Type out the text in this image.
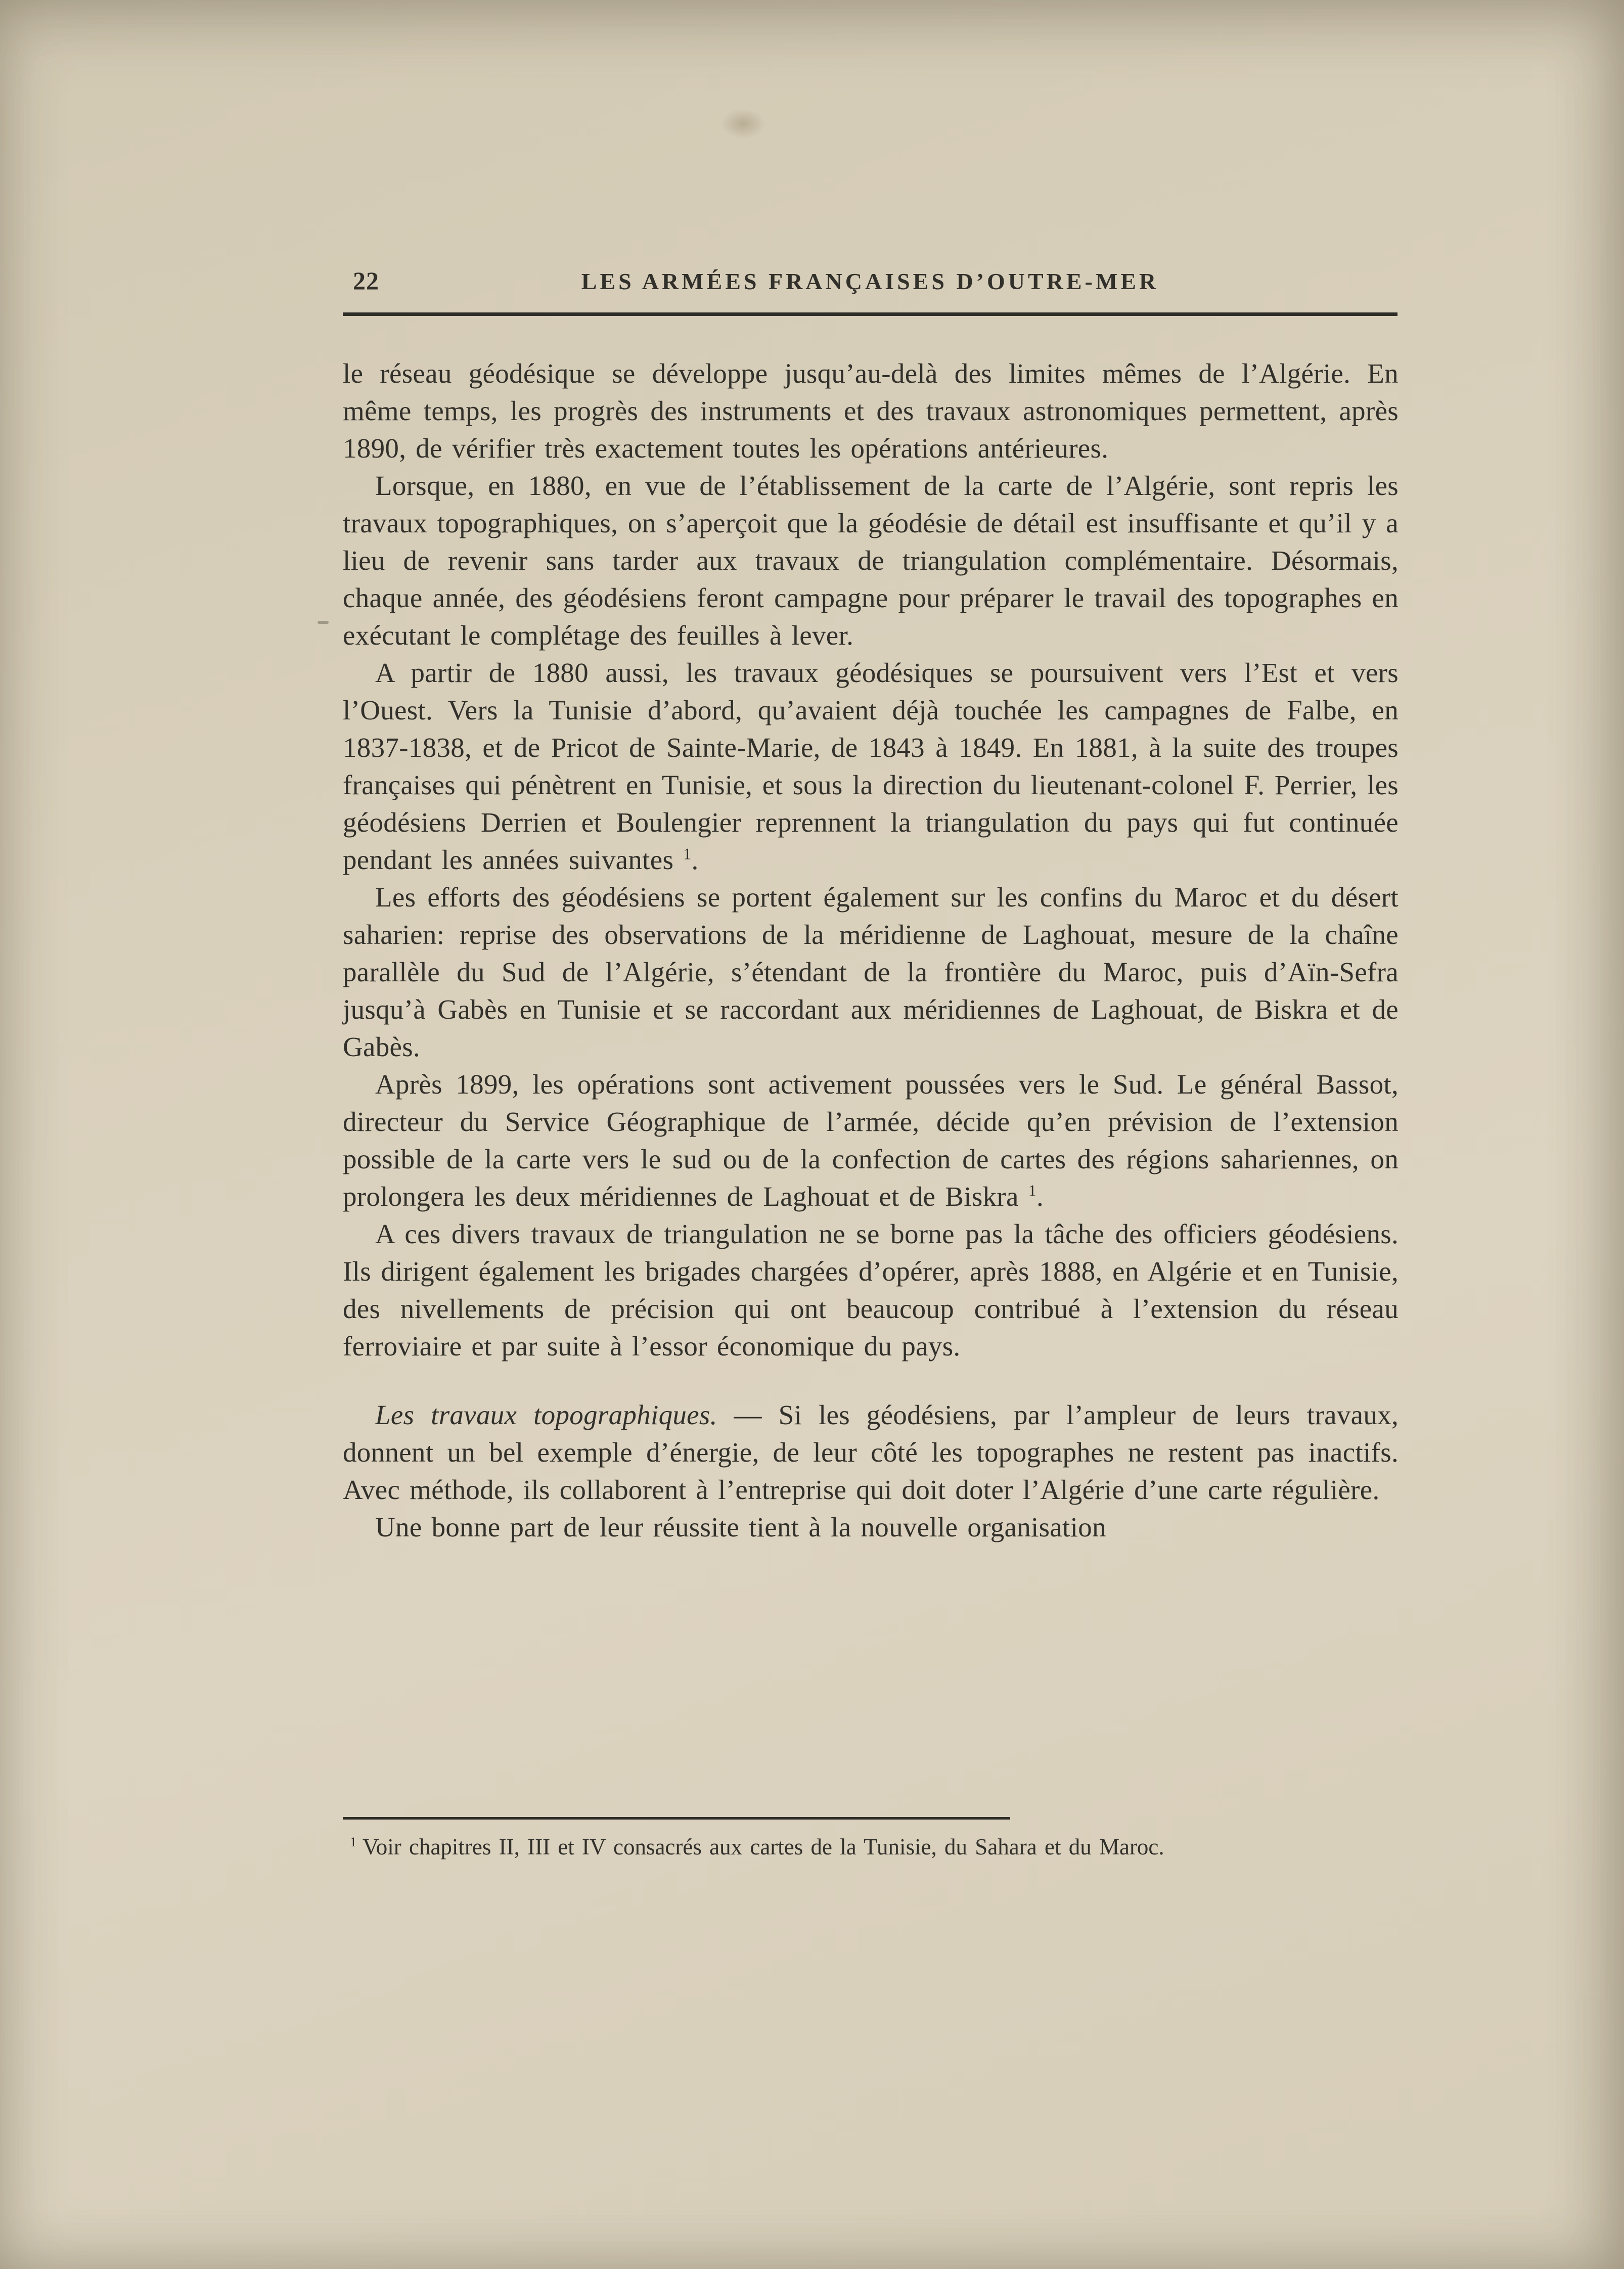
22	LES ARMÉES FRANÇAISES D’OUTRE-MER

le réseau géodésique se développe jusqu’au-delà des limites mêmes de l’Algérie. En même temps, les progrès des instruments et des travaux astronomiques permettent, après 1890, de vérifier très exactement toutes les opérations antérieures.

Lorsque, en 1880, en vue de l’établissement de la carte de l’Algérie, sont repris les travaux topographiques, on s’aperçoit que la géodésie de détail est insuffisante et qu’il y a lieu de revenir sans tarder aux travaux de triangulation complémentaire. Désormais, chaque année, des géodésiens feront campagne pour préparer le travail des topographes en exécutant le complétage des feuilles à lever.

A partir de 1880 aussi, les travaux géodésiques se poursuivent vers l’Est et vers l’Ouest. Vers la Tunisie d’abord, qu’avaient déjà touchée les campagnes de Falbe, en 1837-1838, et de Pricot de Sainte-Marie, de 1843 à 1849. En 1881, à la suite des troupes françaises qui pénètrent en Tunisie, et sous la direction du lieutenant-colonel F. Perrier, les géodésiens Derrien et Boulengier reprennent la triangulation du pays qui fut continuée pendant les années suivantes $^1$.

Les efforts des géodésiens se portent également sur les confins du Maroc et du désert saharien: reprise des observations de la méridienne de Laghouat, mesure de la chaîne parallèle du Sud de l’Algérie, s’étendant de la frontière du Maroc, puis d’Aïn-Sefra jusqu’à Gabès en Tunisie et se raccordant aux méridiennes de Laghouat, de Biskra et de Gabès.

Après 1899, les opérations sont activement poussées vers le Sud. Le général Bassot, directeur du Service Géographique de l’armée, décide qu’en prévision de l’extension possible de la carte vers le sud ou de la confection de cartes des régions sahariennes, on prolongera les deux méridiennes de Laghouat et de Biskra $^1$.

A ces divers travaux de triangulation ne se borne pas la tâche des officiers géodésiens. Ils dirigent également les brigades chargées d’opérer, après 1888, en Algérie et en Tunisie, des nivellements de précision qui ont beaucoup contribué à l’extension du réseau ferroviaire et par suite à l’essor économique du pays.

Les travaux topographiques. — Si les géodésiens, par l’ampleur de leurs travaux, donnent un bel exemple d’énergie, de leur côté les topographes ne restent pas inactifs. Avec méthode, ils collaborent à l’entreprise qui doit doter l’Algérie d’une carte régulière.

Une bonne part de leur réussite tient à la nouvelle organisation

$^1$ Voir chapitres II, III et IV consacrés aux cartes de la Tunisie, du Sahara et du Maroc.
